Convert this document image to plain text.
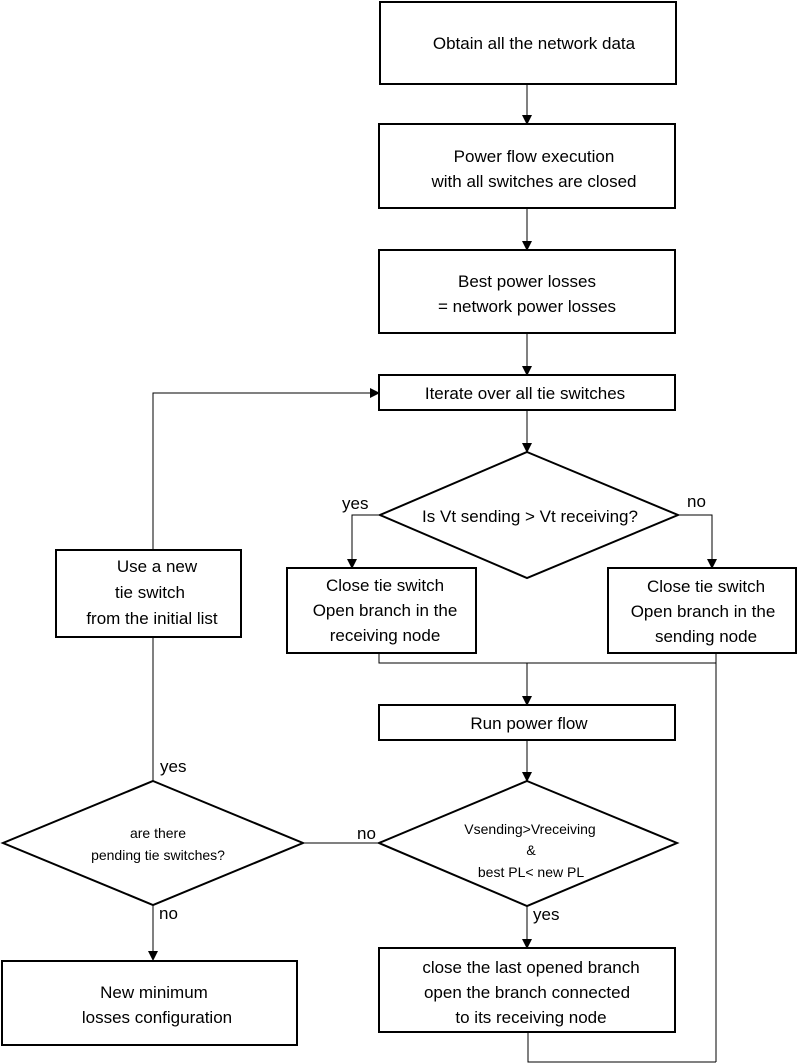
Obtain all the network data
Power flow execution
with all switches are closed
Best power losses
= network power losses
Iterate over all tie switches
Is Vt sending > Vt receiving?
Close tie switch
Open branch in the
receiving node
Close tie switch
Open branch in the
sending node
Run power flow
Vsending>Vreceiving
&
best PL< new PL
close the last opened branch
open the branch connected
to its receiving node
Use a new
tie switch
from the initial list
are there
pending tie switches?
New minimum
losses configuration
yes	no
no
yes
yes
no
